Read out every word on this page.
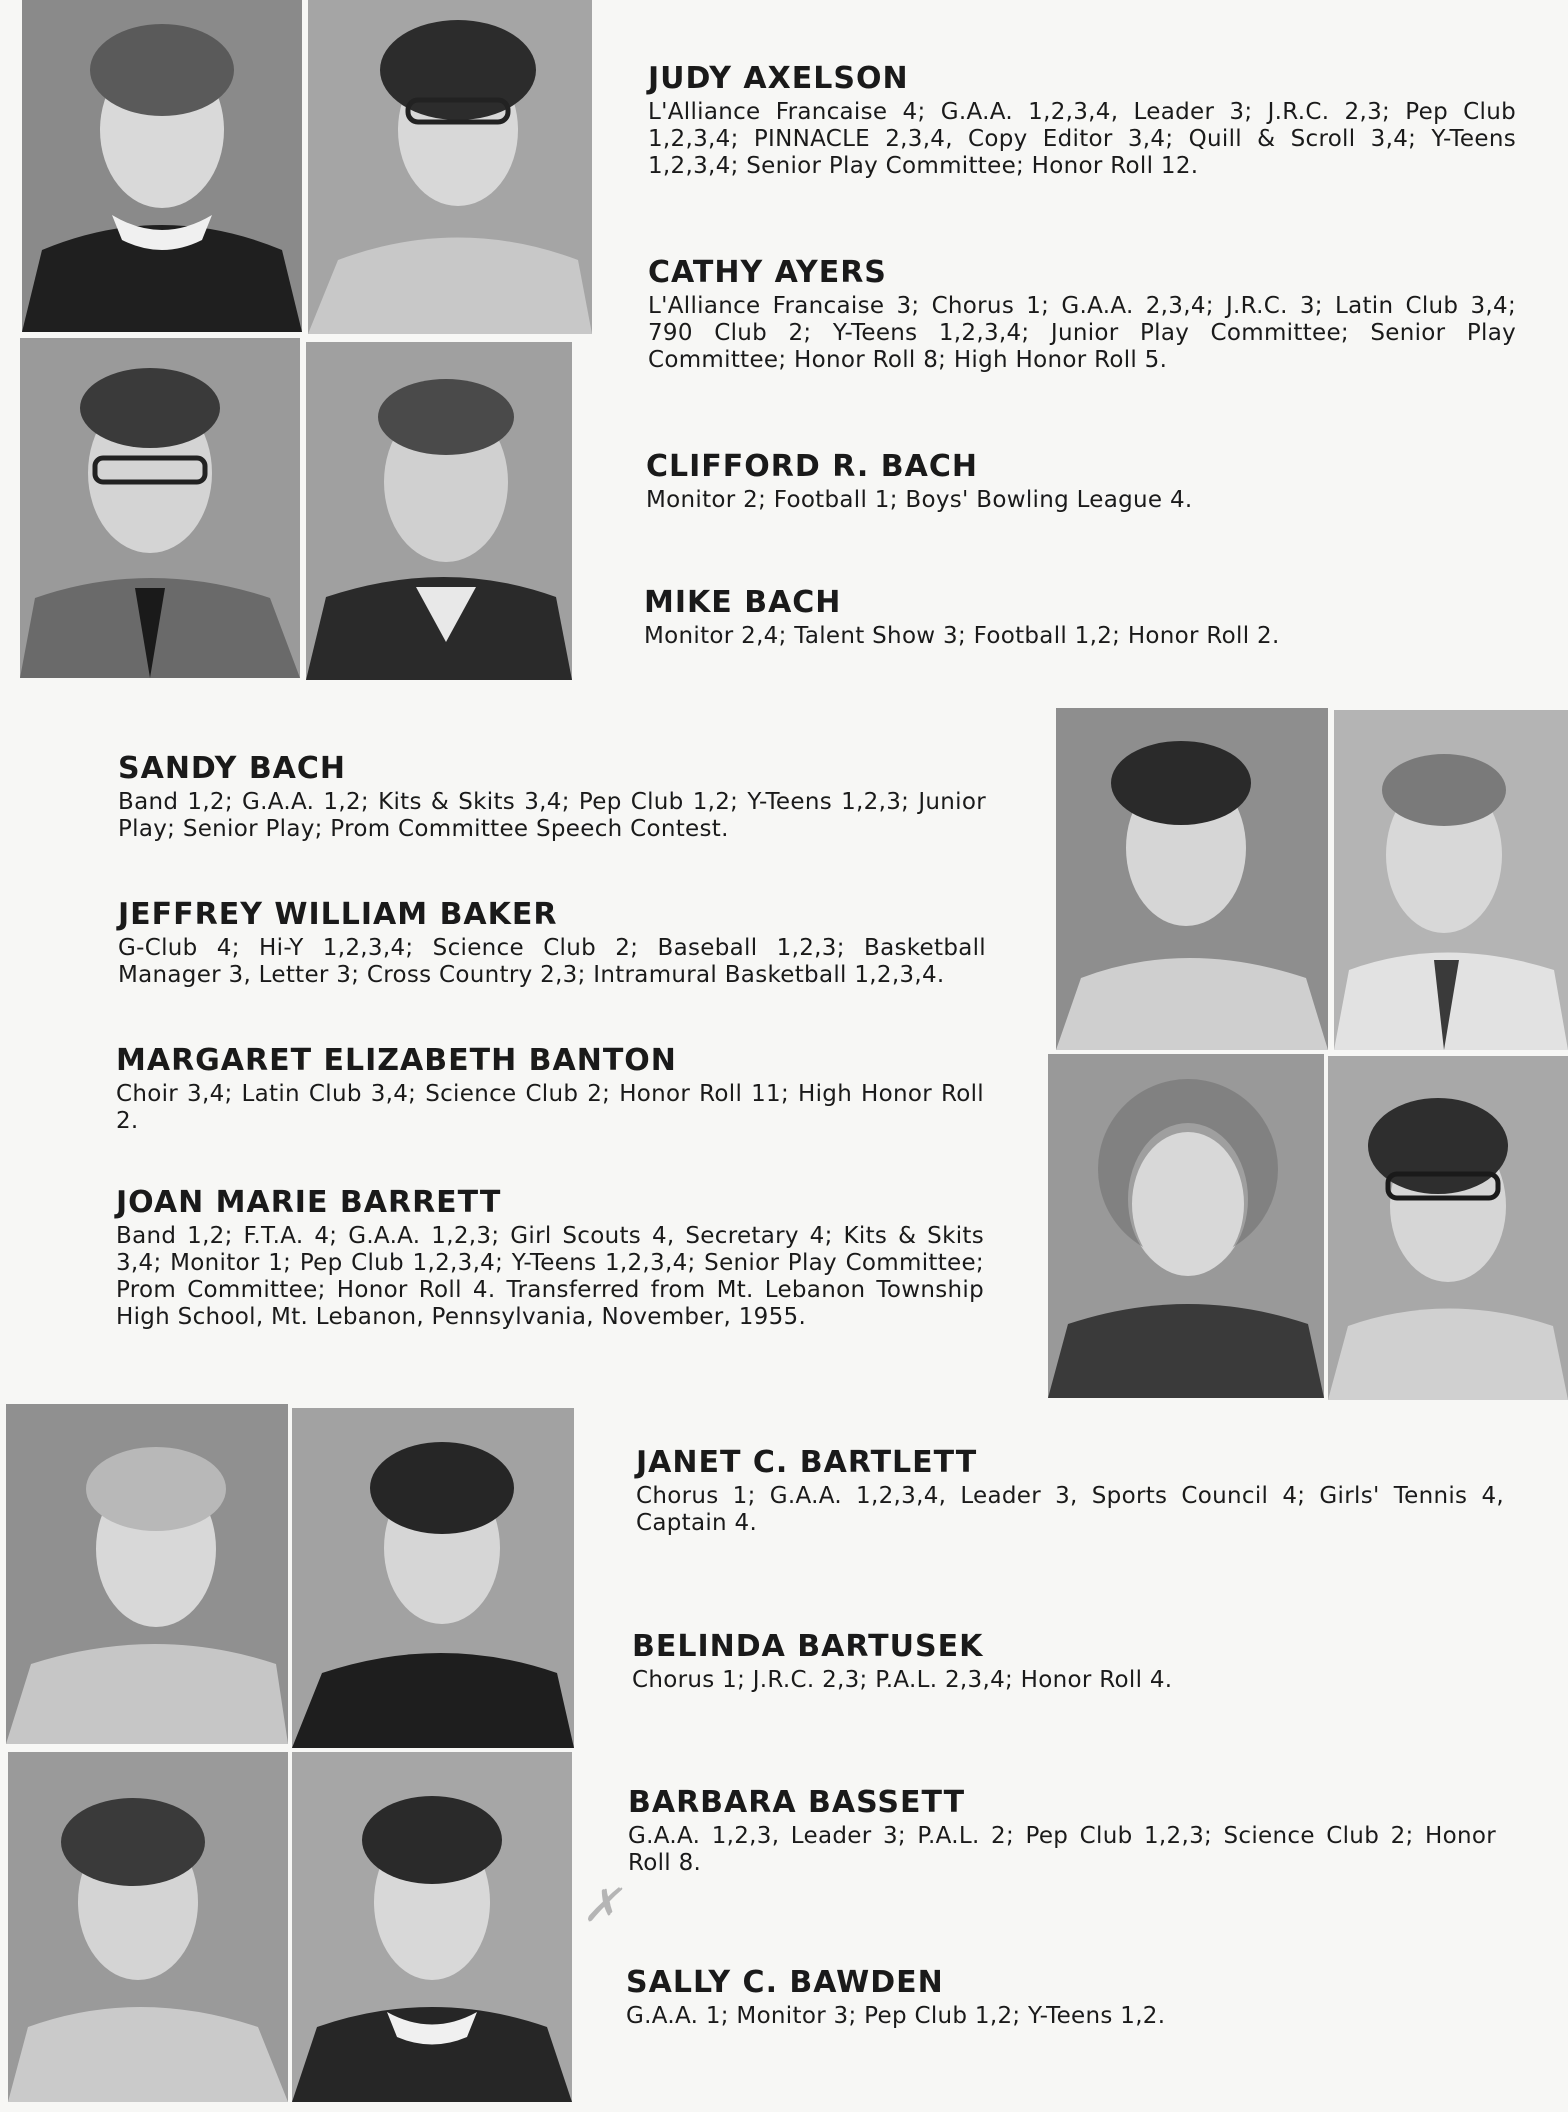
JUDY AXELSON

L'Alliance Francaise 4; G.A.A. 1,2,3,4, Leader 3; J.R.C. 2,3; Pep Club 1,2,3,4; PINNACLE 2,3,4, Copy Editor 3,4; Quill & Scroll 3,4; Y-Teens 1,2,3,4; Senior Play Committee; Honor Roll 12.

CATHY AYERS

L'Alliance Francaise 3; Chorus 1; G.A.A. 2,3,4; J.R.C. 3; Latin Club 3,4; 790 Club 2; Y-Teens 1,2,3,4; Junior Play Committee; Senior Play Committee; Honor Roll 8; High Honor Roll 5.

CLIFFORD R. BACH

Monitor 2; Football 1; Boys' Bowling League 4.

MIKE BACH

Monitor 2,4; Talent Show 3; Football 1,2; Honor Roll 2.

SANDY BACH

Band 1,2; G.A.A. 1,2; Kits & Skits 3,4; Pep Club 1,2; Y-Teens 1,2,3; Junior Play; Senior Play; Prom Committee Speech Contest.

JEFFREY WILLIAM BAKER

G-Club 4; Hi-Y 1,2,3,4; Science Club 2; Baseball 1,2,3; Basketball Manager 3, Letter 3; Cross Country 2,3; Intramural Basketball 1,2,3,4.

MARGARET ELIZABETH BANTON

Choir 3,4; Latin Club 3,4; Science Club 2; Honor Roll 11; High Honor Roll 2.

JOAN MARIE BARRETT

Band 1,2; F.T.A. 4; G.A.A. 1,2,3; Girl Scouts 4, Secretary 4; Kits & Skits 3,4; Monitor 1; Pep Club 1,2,3,4; Y-Teens 1,2,3,4; Senior Play Committee; Prom Committee; Honor Roll 4. Transferred from Mt. Lebanon Township High School, Mt. Lebanon, Pennsylvania, November, 1955.

JANET C. BARTLETT

Chorus 1; G.A.A. 1,2,3,4, Leader 3, Sports Council 4; Girls' Tennis 4, Captain 4.

BELINDA BARTUSEK

Chorus 1; J.R.C. 2,3; P.A.L. 2,3,4; Honor Roll 4.

BARBARA BASSETT

G.A.A. 1,2,3, Leader 3; P.A.L. 2; Pep Club 1,2,3; Science Club 2; Honor Roll 8.

SALLY C. BAWDEN

G.A.A. 1; Monitor 3; Pep Club 1,2; Y-Teens 1,2.

✗
